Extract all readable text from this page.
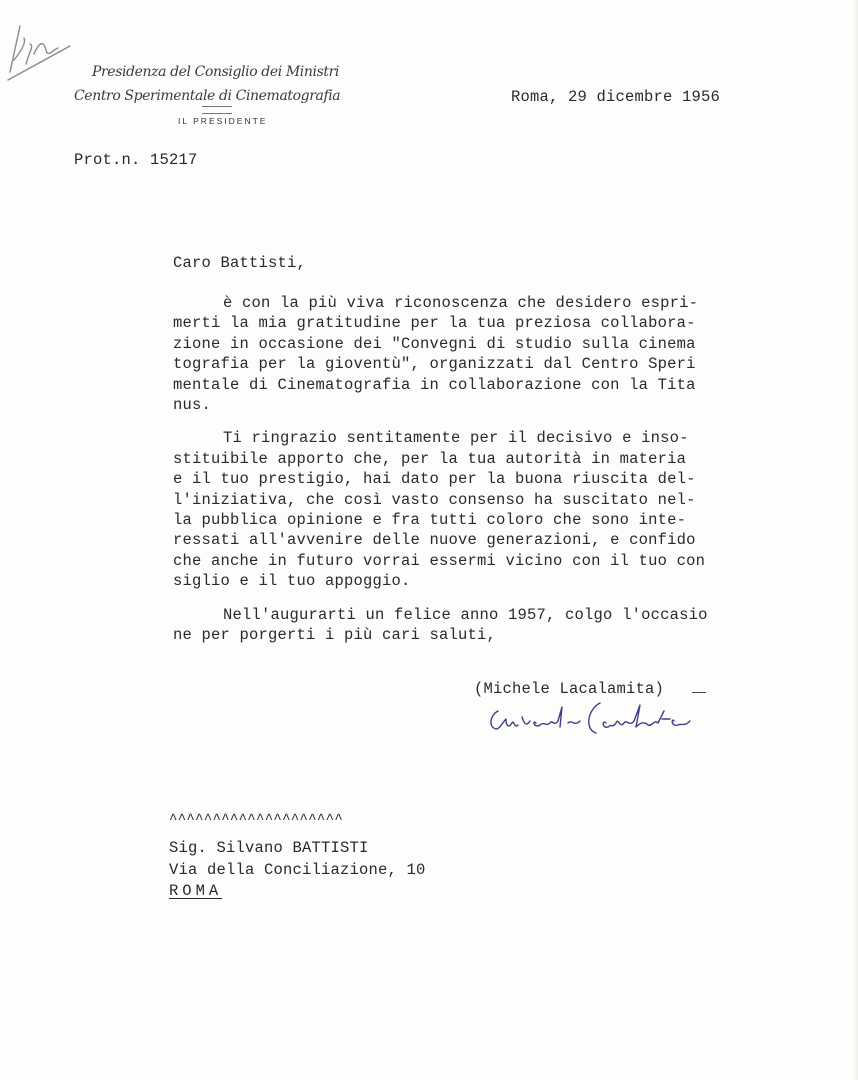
Presidenza del Consiglio dei Ministri
Centro Sperimentale di Cinematografia
IL PRESIDENTE
Roma, 29 dicembre 1956
Prot.n. 15217
Caro Battisti,

è con la più viva riconoscenza che desidero espri-
merti la mia gratitudine per la tua preziosa collabora-
zione in occasione dei "Convegni di studio sulla cinema
tografia per la gioventù", organizzati dal Centro Speri
mentale di Cinematografia in collaborazione con la Tita
nus.

Ti ringrazio sentitamente per il decisivo e inso-
stituibile apporto che, per la tua autorità in materia
e il tuo prestigio, hai dato per la buona riuscita del-
l'iniziativa, che così vasto consenso ha suscitato nel-
la pubblica opinione e fra tutti coloro che sono inte-
ressati all'avvenire delle nuove generazioni, e confido
che anche in futuro vorrai essermi vicino con il tuo con
siglio e il tuo appoggio.

Nell'augurarti un felice anno 1957, colgo l'occasio
ne per porgerti i più cari saluti,

(Michele Lacalamita)
^^^^^^^^^^^^^^^^^^^^
Sig. Silvano BATTISTI
Via della Conciliazione, 10
ROMA
